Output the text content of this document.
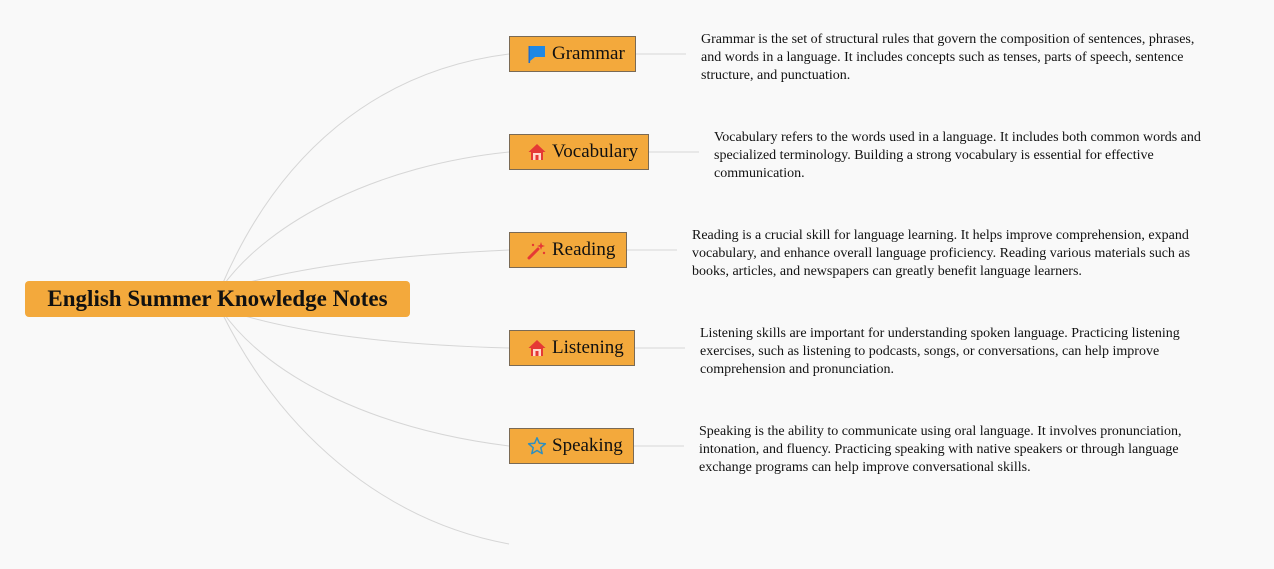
English Summer Knowledge Notes
Grammar
Grammar is the set of structural rules that govern the composition of sentences, phrases, and words in a language. It includes concepts such as tenses, parts of speech, sentence structure, and punctuation.
Vocabulary
Vocabulary refers to the words used in a language. It includes both common words and specialized terminology. Building a strong vocabulary is essential for effective communication.
Reading
Reading is a crucial skill for language learning. It helps improve comprehension, expand vocabulary, and enhance overall language proficiency. Reading various materials such as books, articles, and newspapers can greatly benefit language learners.
Listening
Listening skills are important for understanding spoken language. Practicing listening exercises, such as listening to podcasts, songs, or conversations, can help improve comprehension and pronunciation.
Speaking
Speaking is the ability to communicate using oral language. It involves pronunciation, intonation, and fluency. Practicing speaking with native speakers or through language exchange programs can help improve conversational skills.
